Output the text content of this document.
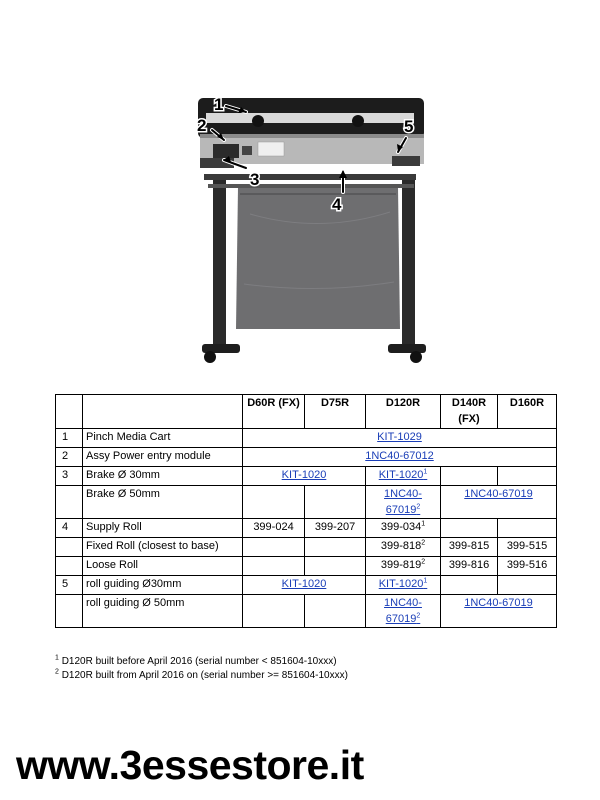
1
2
3
4
5
		D60R (FX)	D75R	D120R	D140R (FX)	D160R
1	Pinch Media Cart	KIT-1029				
2	Assy Power entry module	1NC40-67012				
3	Brake Ø 30mm	KIT-1020		KIT-1020$^1$		
	Brake Ø 50mm			1NC40-67019$^2$	1NC40-67019	
4	Supply Roll	399-024	399-207	$399-034^1$		
	Fixed Roll (closest to base)			$399-818^2$	399-815	399-515
	Loose Roll			$399-819^2$	399-816	399-516
5	roll guiding Ø30mm	KIT-1020		KIT-1020$^1$		
	roll guiding Ø 50mm			1NC40-67019$^2$	1NC40-67019	
$^1$ D120R built before April 2016 (serial number < 851604-10xxx)
$^2$ D120R built from April 2016 on (serial number >= 851604-10xxx)
www.3essestore.it
